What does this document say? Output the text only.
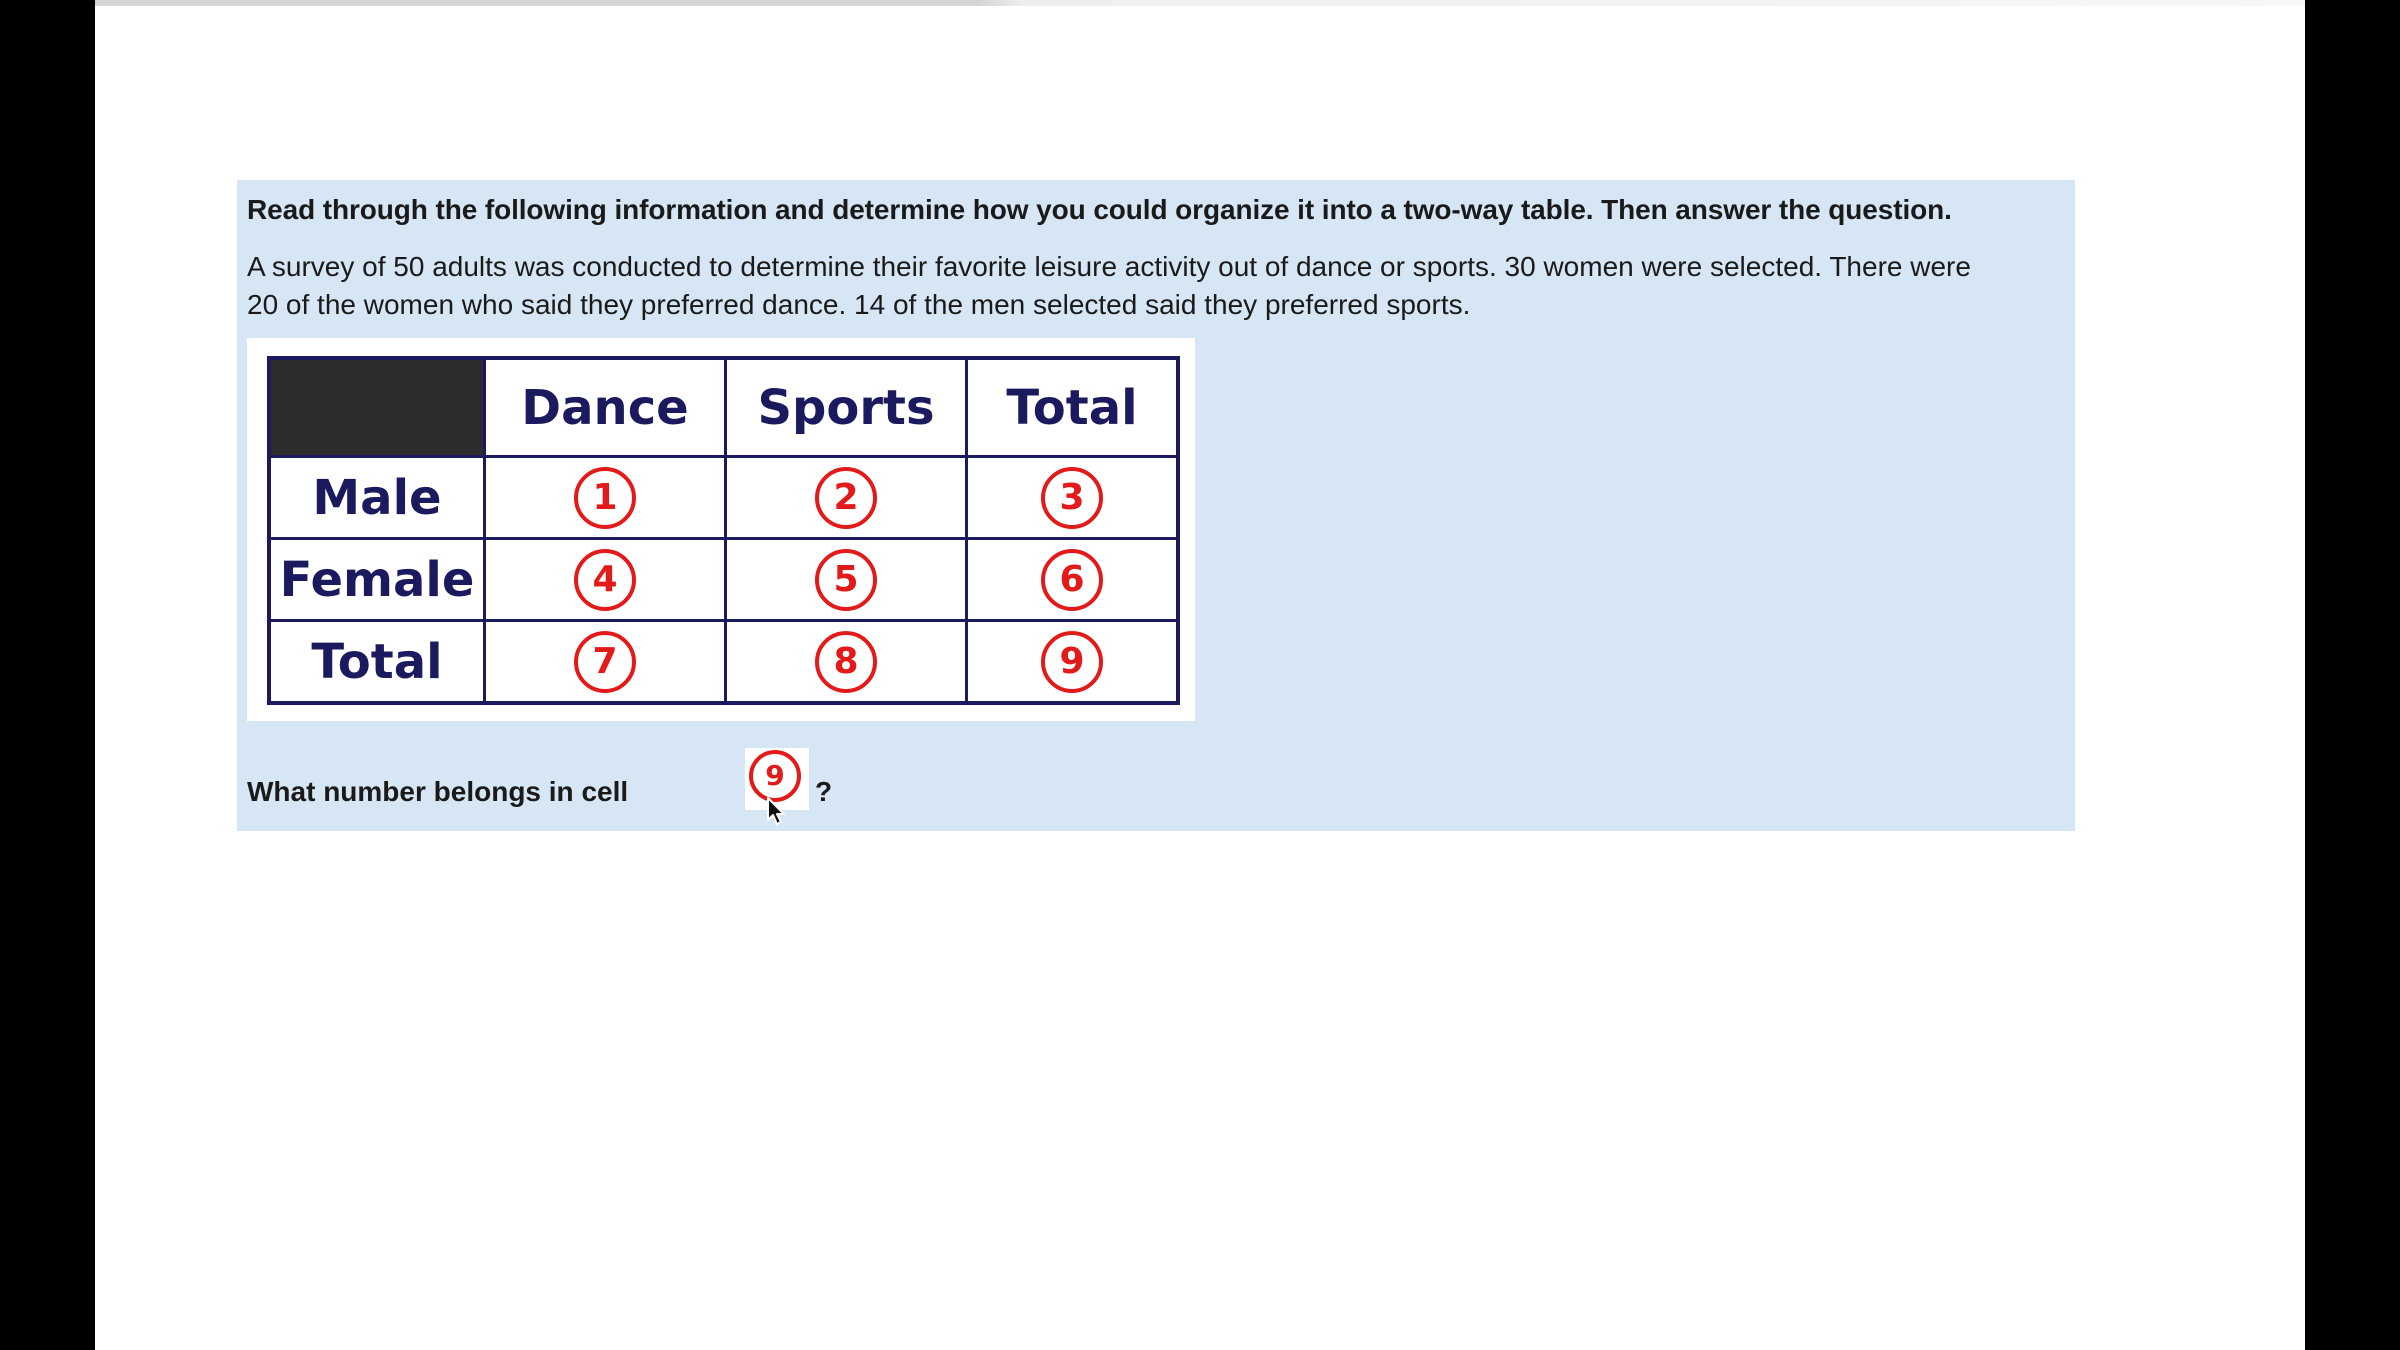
Read through the following information and determine how you could organize it into a two-way table. Then answer the question.
A survey of 50 adults was conducted to determine their favorite leisure activity out of dance or sports. 30 women were selected. There were
20 of the women who said they preferred dance. 14 of the men selected said they preferred sports.
	Dance	Sports	Total
Male	1	2	3
Female	4	5	6
Total	7	8	9
What number belongs in cell	9	?
